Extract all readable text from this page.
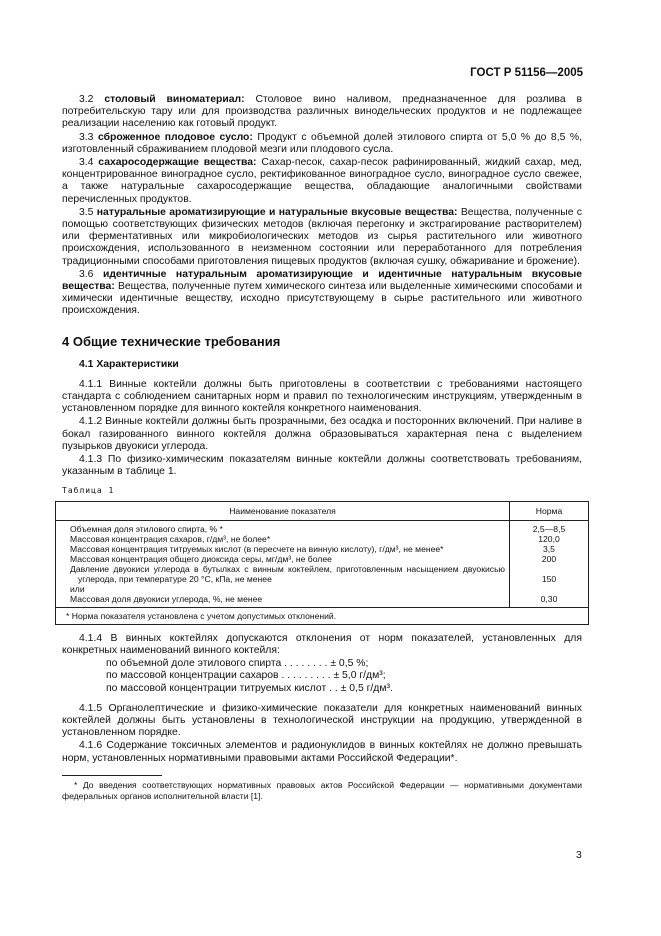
ГОСТ Р 51156—2005

3.2 столовый виноматериал: Столовое вино наливом, предназначенное для розлива в потребительскую тару или для производства различных винодельческих продуктов и не подлежащее реализации населению как готовый продукт.

3.3 сброженное плодовое сусло: Продукт с объемной долей этилового спирта от 5,0 % до 8,5 %, изготовленный сбраживанием плодовой мезги или плодового сусла.

3.4 сахаросодержащие вещества: Сахар-песок, сахар-песок рафинированный, жидкий сахар, мед, концентрированное виноградное сусло, ректификованное виноградное сусло, виноградное сусло свежее, а также натуральные сахаросодержащие вещества, обладающие аналогичными свойствами перечисленных продуктов.

3.5 натуральные ароматизирующие и натуральные вкусовые вещества: Вещества, полученные с помощью соответствующих физических методов (включая перегонку и экстрагирование растворителем) или ферментативных или микробиологических методов из сырья растительного или животного происхождения, использованного в неизменном состоянии или переработанного для потребления традиционными способами приготовления пищевых продуктов (включая сушку, обжаривание и брожение).

3.6 идентичные натуральным ароматизирующие и идентичные натуральным вкусовые вещества: Вещества, полученные путем химического синтеза или выделенные химическими способами и химически идентичные веществу, исходно присутствующему в сырье растительного или животного происхождения.

4 Общие технические требования
4.1 Характеристики

4.1.1 Винные коктейли должны быть приготовлены в соответствии с требованиями настоящего стандарта с соблюдением санитарных норм и правил по технологическим инструкциям, утвержденным в установленном порядке для винного коктейля конкретного наименования.

4.1.2 Винные коктейли должны быть прозрачными, без осадка и посторонних включений. При наливе в бокал газированного винного коктейля должна образовываться характерная пена с выделением пузырьков двуокиси углерода.

4.1.3 По физико-химическим показателям винные коктейли должны соответствовать требованиям, указанным в таблице 1.

Таблица 1
Наименование показателя	Норма
Объемная доля этилового спирта, % *	2,5—8,5
Массовая концентрация сахаров, г/дм³, не более*	120,0
Массовая концентрация титруемых кислот (в пересчете на винную кислоту), г/дм³, не менее*	3,5
Массовая концентрация общего диоксида серы, мг/дм³, не более	200
Давление двуокиси углерода в бутылках с винным коктейлем, приготовленным насыщением двуокисью углерода, при температуре 20 °С, кПа, не менее	150
или	
Массовая доля двуокиси углерода, %, не менее	0,30
* Норма показателя установлена с учетом допустимых отклонений.	

4.1.4 В винных коктейлях допускаются отклонения от норм показателей, установленных для конкретных наименований винного коктейля:

по объемной доле этилового спирта . . . . . . . . ± 0,5 %;

по массовой концентрации сахаров . . . . . . . . . ± 5,0 г/дм³;

по массовой концентрации титруемых кислот . . ± 0,5 г/дм³.

4.1.5 Органолептические и физико-химические показатели для конкретных наименований винных коктейлей должны быть установлены в технологической инструкции на продукцию, утвержденной в установленном порядке.

4.1.6 Содержание токсичных элементов и радионуклидов в винных коктейлях не должно превышать норм, установленных нормативными правовыми актами Российской Федерации*.

* До введения соответствующих нормативных правовых актов Российской Федерации — нормативными документами федеральных органов исполнительной власти [1].

3
